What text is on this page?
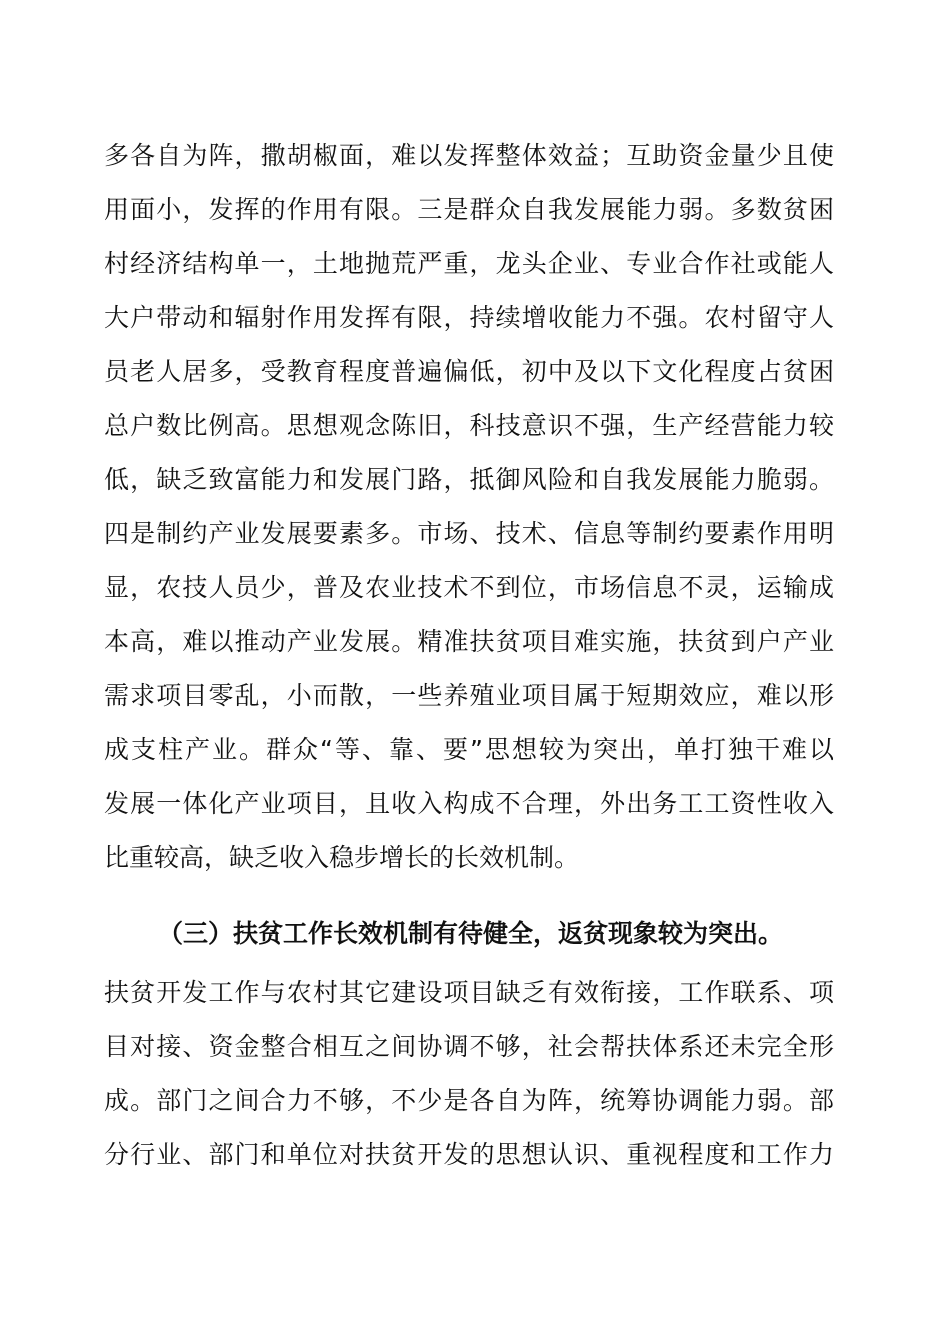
多各自为阵，撒胡椒面，难以发挥整体效益；互助资金量少且使
用面小，发挥的作用有限。三是群众自我发展能力弱。多数贫困
村经济结构单一，土地抛荒严重，龙头企业、专业合作社或能人
大户带动和辐射作用发挥有限，持续增收能力不强。农村留守人
员老人居多，受教育程度普遍偏低，初中及以下文化程度占贫困
总户数比例高。思想观念陈旧，科技意识不强，生产经营能力较
低，缺乏致富能力和发展门路，抵御风险和自我发展能力脆弱。
四是制约产业发展要素多。市场、技术、信息等制约要素作用明
显，农技人员少，普及农业技术不到位，市场信息不灵，运输成
本高，难以推动产业发展。精准扶贫项目难实施，扶贫到户产业
需求项目零乱，小而散，一些养殖业项目属于短期效应，难以形
成支柱产业。群众“等、靠、要”思想较为突出，单打独干难以
发展一体化产业项目，且收入构成不合理，外出务工工资性收入
比重较高，缺乏收入稳步增长的长效机制。
（三）扶贫工作长效机制有待健全，返贫现象较为突出。
扶贫开发工作与农村其它建设项目缺乏有效衔接，工作联系、项
目对接、资金整合相互之间协调不够，社会帮扶体系还未完全形
成。部门之间合力不够，不少是各自为阵，统筹协调能力弱。部
分行业、部门和单位对扶贫开发的思想认识、重视程度和工作力
